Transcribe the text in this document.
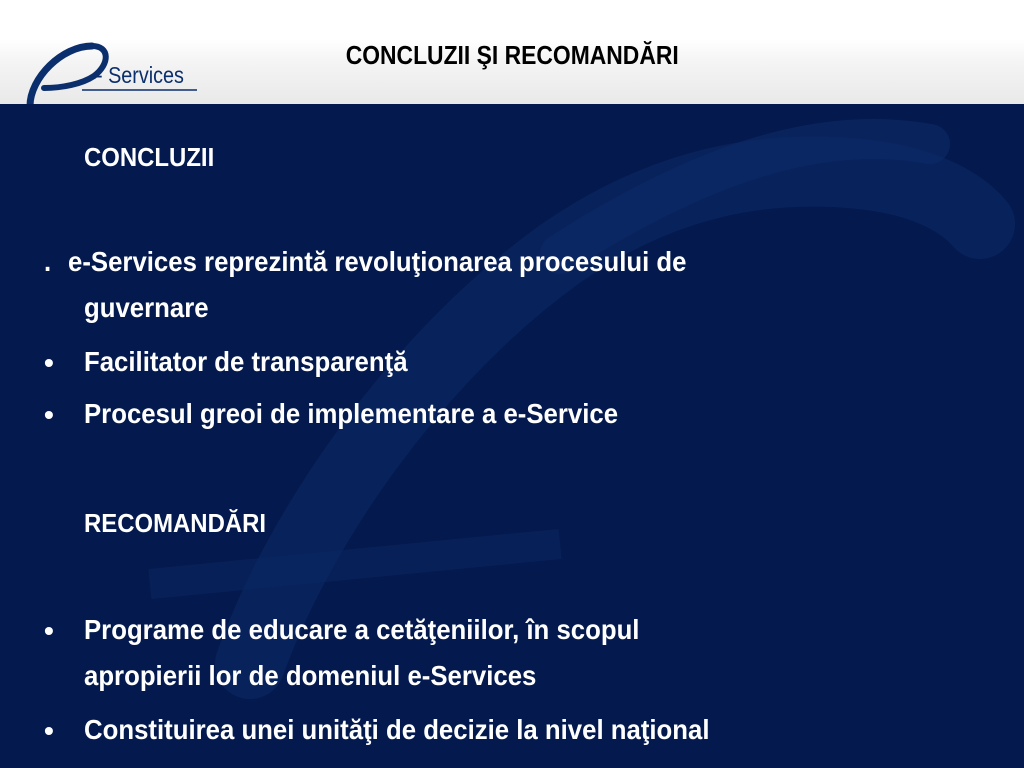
- Services
CONCLUZII ŞI RECOMANDĂRI
CONCLUZII
. e-Services reprezintă revoluţionarea procesului de
guvernare
• Facilitator de transparenţă
• Procesul greoi de implementare a e-Service
RECOMANDĂRI
• Programe de educare a cetăţeniilor, în scopul
apropierii lor de domeniul e-Services
• Constituirea unei unităţi de decizie la nivel naţional
